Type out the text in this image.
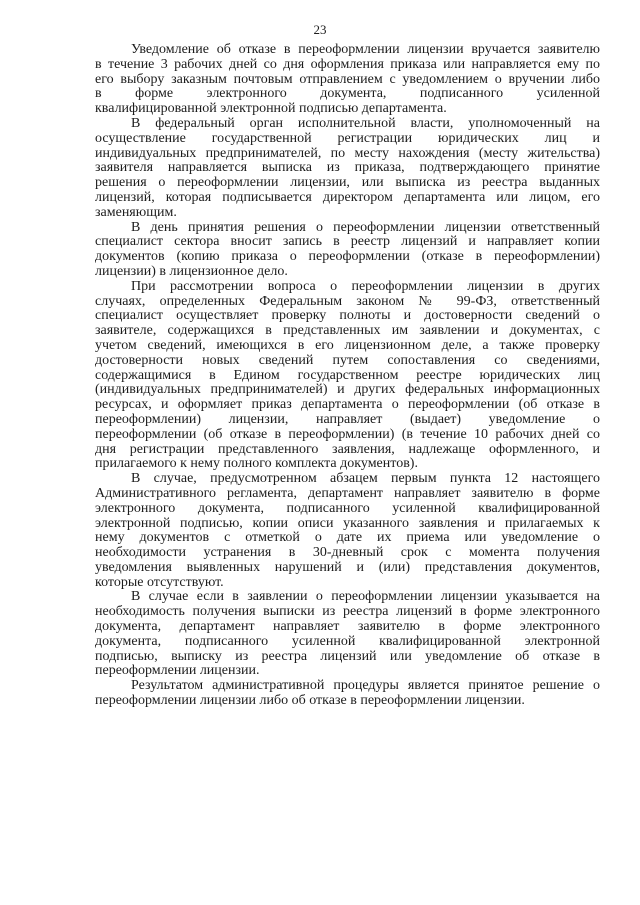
23
Уведомление об отказе в переоформлении лицензии вручается заявителю
в течение 3 рабочих дней со дня оформления приказа или направляется ему по
его выбору заказным почтовым отправлением с уведомлением о вручении либо
в форме электронного документа, подписанного усиленной
квалифицированной электронной подписью департамента.
В федеральный орган исполнительной власти, уполномоченный на
осуществление государственной регистрации юридических лиц и
индивидуальных предпринимателей, по месту нахождения (месту жительства)
заявителя направляется выписка из приказа, подтверждающего принятие
решения о переоформлении лицензии, или выписка из реестра выданных
лицензий, которая подписывается директором департамента или лицом, его
заменяющим.
В день принятия решения о переоформлении лицензии ответственный
специалист сектора вносит запись в реестр лицензий и направляет копии
документов (копию приказа о переоформлении (отказе в переоформлении)
лицензии) в лицензионное дело.
При рассмотрении вопроса о переоформлении лицензии в других
случаях, определенных Федеральным законом № 99-ФЗ, ответственный
специалист осуществляет проверку полноты и достоверности сведений о
заявителе, содержащихся в представленных им заявлении и документах, с
учетом сведений, имеющихся в его лицензионном деле, а также проверку
достоверности новых сведений путем сопоставления со сведениями,
содержащимися в Едином государственном реестре юридических лиц
(индивидуальных предпринимателей) и других федеральных информационных
ресурсах, и оформляет приказ департамента о переоформлении (об отказе в
переоформлении) лицензии, направляет (выдает) уведомление о
переоформлении (об отказе в переоформлении) (в течение 10 рабочих дней со
дня регистрации представленного заявления, надлежаще оформленного, и
прилагаемого к нему полного комплекта документов).
В случае, предусмотренном абзацем первым пункта 12 настоящего
Административного регламента, департамент направляет заявителю в форме
электронного документа, подписанного усиленной квалифицированной
электронной подписью, копии описи указанного заявления и прилагаемых к
нему документов с отметкой о дате их приема или уведомление о
необходимости устранения в 30-дневный срок с момента получения
уведомления выявленных нарушений и (или) представления документов,
которые отсутствуют.
В случае если в заявлении о переоформлении лицензии указывается на
необходимость получения выписки из реестра лицензий в форме электронного
документа, департамент направляет заявителю в форме электронного
документа, подписанного усиленной квалифицированной электронной
подписью, выписку из реестра лицензий или уведомление об отказе в
переоформлении лицензии.
Результатом административной процедуры является принятое решение о
переоформлении лицензии либо об отказе в переоформлении лицензии.
